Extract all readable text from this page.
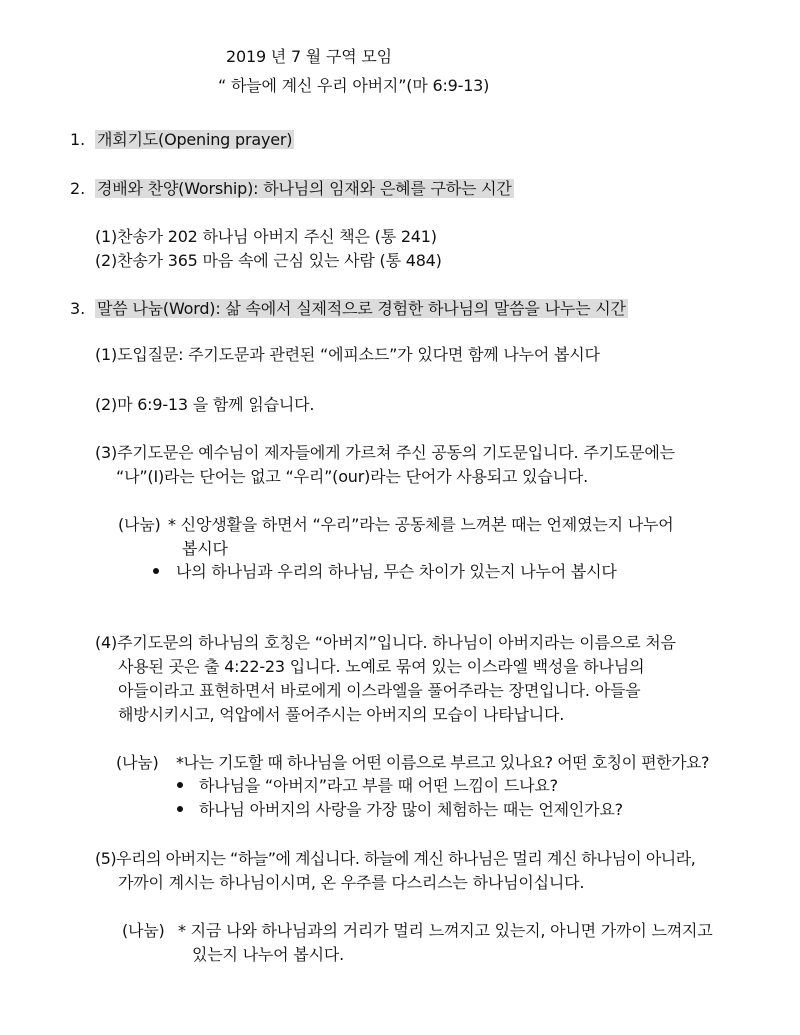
2019 년 7 월 구역 모임
“ 하늘에 계신 우리 아버지”(마 6:9-13)
1. 개회기도(Opening prayer)
2. 경배와 찬양(Worship): 하나님의 임재와 은혜를 구하는 시간
(1)찬송가 202 하나님 아버지 주신 책은 (통 241)
(2)찬송가 365 마음 속에 근심 있는 사람 (통 484)
3. 말씀 나눔(Word): 삶 속에서 실제적으로 경험한 하나님의 말씀을 나누는 시간
(1)도입질문: 주기도문과 관련된 “에피소드”가 있다면 함께 나누어 봅시다
(2)마 6:9-13 을 함께 읽습니다.
(3)주기도문은 예수님이 제자들에게 가르쳐 주신 공동의 기도문입니다. 주기도문에는
“나”(I)라는 단어는 없고 “우리”(our)라는 단어가 사용되고 있습니다.
(나눔) * 신앙생활을 하면서 “우리”라는 공동체를 느껴본 때는 언제였는지 나누어
봅시다
나의 하나님과 우리의 하나님, 무슨 차이가 있는지 나누어 봅시다
(4)주기도문의 하나님의 호칭은 “아버지”입니다. 하나님이 아버지라는 이름으로 처음
사용된 곳은 출 4:22-23 입니다. 노예로 묶여 있는 이스라엘 백성을 하나님의
아들이라고 표현하면서 바로에게 이스라엘을 풀어주라는 장면입니다. 아들을
해방시키시고, 억압에서 풀어주시는 아버지의 모습이 나타납니다.
(나눔) *나는 기도할 때 하나님을 어떤 이름으로 부르고 있나요? 어떤 호칭이 편한가요?
하나님을 “아버지”라고 부를 때 어떤 느낌이 드나요?
하나님 아버지의 사랑을 가장 많이 체험하는 때는 언제인가요?
(5)우리의 아버지는 “하늘”에 계십니다. 하늘에 계신 하나님은 멀리 계신 하나님이 아니라,
가까이 계시는 하나님이시며, 온 우주를 다스리스는 하나님이십니다.
(나눔) * 지금 나와 하나님과의 거리가 멀리 느껴지고 있는지, 아니면 가까이 느껴지고
있는지 나누어 봅시다.
